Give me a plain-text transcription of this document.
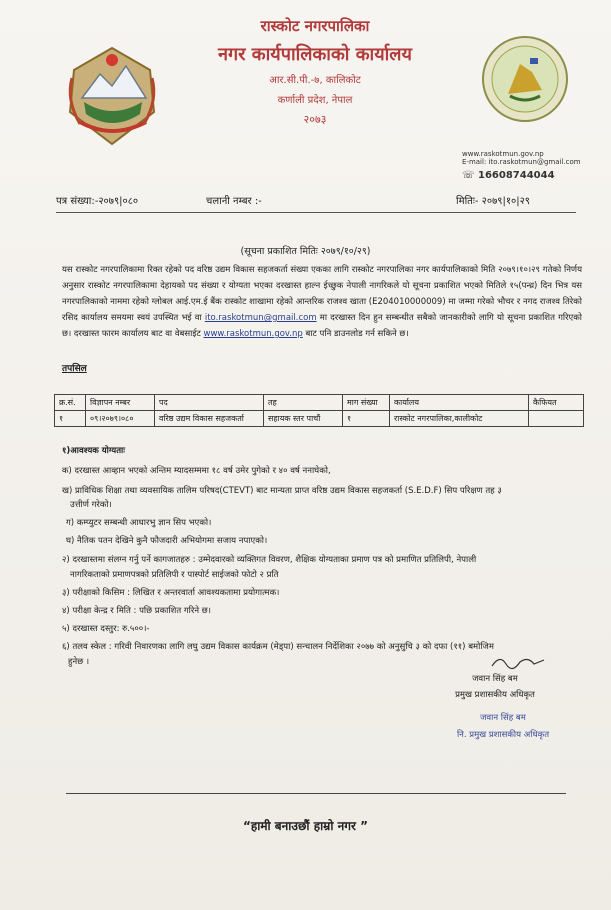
रास्कोट नगरपालिका
नगर कार्यपालिकाको कार्यालय
आर.सी.पी.-७, कालिकोट
कर्णाली प्रदेश, नेपाल
२०७३
www.raskotmun.gov.np
E-mail: ito.raskotmun@gmail.com
☏ 16608744044
पत्र संख्या:-२०७९|०८०	चलानी नम्बर :-	मितिः- २०७९|१०|२९
(सूचना प्रकाशित मितिः २०७९/१०/२९)
यस रास्कोट नगरपालिकामा रिक्त रहेको पद वरिष्ठ उद्यम विकास सहजकर्ता संख्या एकका लागि रास्कोट नगरपालिका नगर कार्यपालिकाको मिति २०७९।१०।२९ गतेको निर्णय अनुसार रास्कोट नगरपालिकामा देहायको पद संख्या र योग्यता भएका दरखास्त हाल्न ईच्छुक नेपाली नागरिकले यो सूचना प्रकाशित भएको मितिले १५(पन्ध्र) दिन भित्र यस नगरपालिकाको नाममा रहेको ग्लोबल आई.एम.ई बैंक रास्कोट शाखामा रहेको आन्तरिक राजश्व खाता (E204010000009) मा जम्मा गरेको भौचर र नगद राजश्व तिरेको रसिद कार्यालय समयमा स्वयं उपस्थित भई वा ito.raskotmun@gmail.com मा दरखास्त दिन हुन सम्बन्धीत सबैको जानकारीको लागि यो सूचना प्रकाशित गरिएको छ। दरखास्त फारम कार्यालय बाट वा वेबसाईट www.raskotmun.gov.np बाट पनि डाउनलोड गर्न सकिने छ।
तपसिल
क्र.सं.	विज्ञापन नम्बर	पद	तह	माग संख्या	कार्यालय	कैफियत
१	०९।२०७९।०८०	वरिष्ठ उद्यम विकास सहजकर्ता	सहायक स्तर पाचौं	१	रास्कोट नगरपालिका,कालीकोट	
१)आवश्यक योग्यताः
क) दरखास्त आव्हान भएको अन्तिम म्यादसम्ममा १८ वर्ष उमेर पुगेको र ४० वर्ष ननाघेको,
ख) प्राविधिक शिक्षा तथा व्यवसायिक तालिम परिषद(CTEVT) बाट मान्यता प्राप्त वरिष्ठ उद्यम विकास सहजकर्ता (S.E.D.F) सिप परिक्षण तह ३
उत्तीर्ण गरेको।
ग) कम्प्युटर सम्बन्धी आधारभु ज्ञान सिप भएको।
घ) नैतिक पतन देखिने कुनै फौजदारी अभियोगमा सजाय नपाएको।
२) दरखास्तमा संलग्न गर्नु पर्ने कागजातहरु : उम्मेदवारको व्यक्तिगत विवरण, शैक्षिक योग्यताका प्रमाण पत्र को प्रमाणित प्रतिलिपी, नेपाली
नागरिकताको प्रमाणपत्रको प्रतिलिपी र पास्पोर्ट साईजको फोटो २ प्रति
३) परीक्षाको किसिम : लिखित र अन्तरवार्ता आवश्यकतामा प्रयोगात्मक।
४) परीक्षा केन्द्र र मिति : पछि प्रकाशित गरिने छ।
५) दरखास्त दस्तुर: रु.५००।-
६) तलव स्केल : गरिवी निवारणका लागि लघु उद्यम विकास कार्यक्रम (मेड्पा) सन्चालन निर्देशिका २०७७ को अनुसुचि ३ को दफा (११) बमोजिम
हुनेछ ।
जवान सिंह बम
प्रमुख प्रशासकीय अधिकृत
जवान सिंह बम
नि. प्रमुख प्रशासकीय अधिकृत
“हामी बनाउछौं हाम्रो नगर ”
